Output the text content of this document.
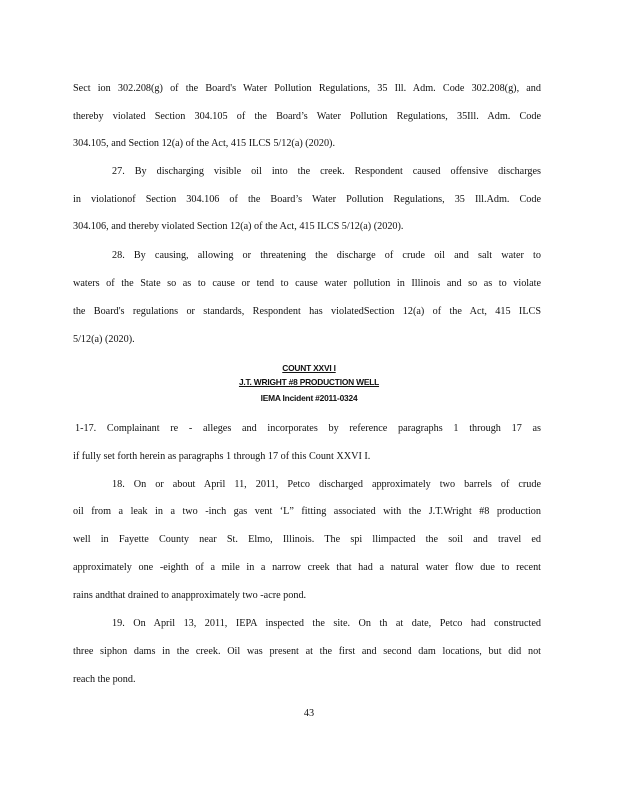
Sect ion 302.208(g) of the Board's Water Pollution Regulations, 35 Ill. Adm. Code 302.208(g), and
thereby violated Section 304.105 of the Board’s Water Pollution Regulations, 35Ill. Adm. Code
304.105, and Section 12(a) of the Act, 415 ILCS 5/12(a) (2020).
27. By discharging visible oil into the creek. Respondent caused offensive discharges
in violationof Section 304.106 of the Board’s Water Pollution Regulations, 35 Ill.Adm. Code
304.106, and thereby violated Section 12(a) of the Act, 415 ILCS 5/12(a) (2020).
28. By causing, allowing or threatening the discharge of crude oil and salt water to
waters of the State so as to cause or tend to cause water pollution in Illinois and so as to violate
the Board's regulations or standards, Respondent has violatedSection 12(a) of the Act, 415 ILCS
5/12(a) (2020).
COUNT XXVI I
J.T. WRIGHT #8 PRODUCTION WELL
IEMA Incident #2011-0324
1-17. Complainant re - alleges and incorporates by reference paragraphs 1 through 17 as
if fully set forth herein as paragraphs 1 through 17 of this Count XXVI I.
18. On or about April 11, 2011, Petco discharged approximately two barrels of crude
oil from a leak in a two -inch gas vent ‘L” fitting associated with the J.T.Wright #8 production
well in Fayette County near St. Elmo, Illinois. The spi llimpacted the soil and travel ed
approximately one -eighth of a mile in a narrow creek that had a natural water flow due to recent
rains andthat drained to anapproximately two -acre pond.
19. On April 13, 2011, IEPA inspected the site. On th at date, Petco had constructed
three siphon dams in the creek. Oil was present at the first and second dam locations, but did not
reach the pond.
43
